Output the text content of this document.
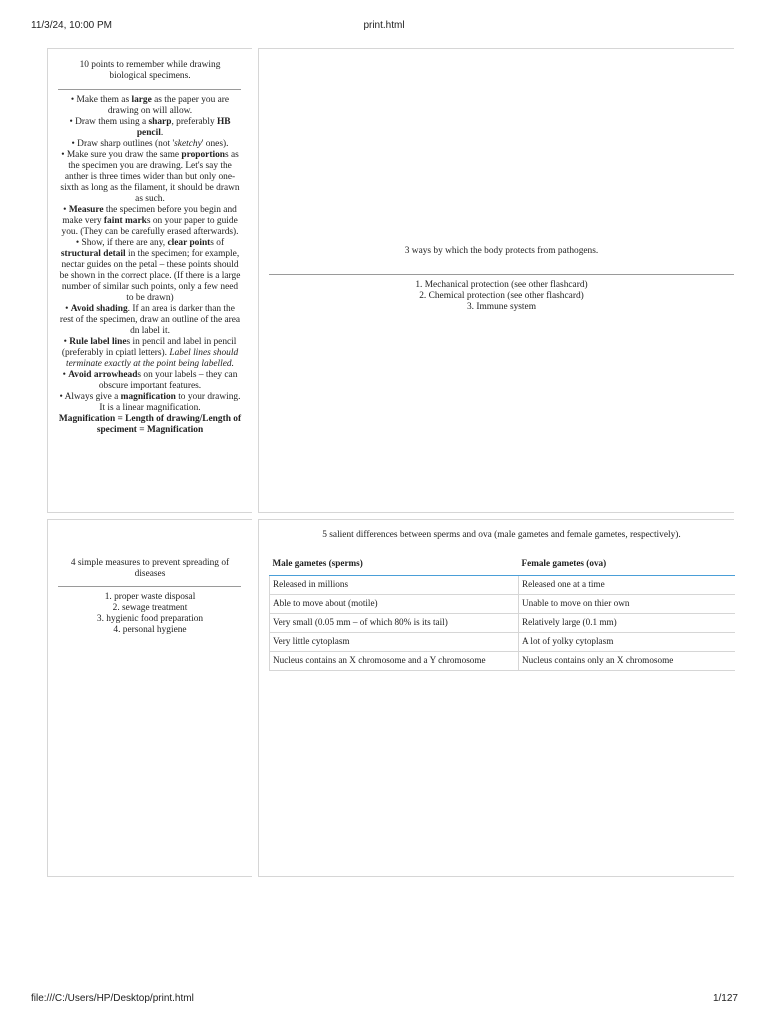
11/3/24, 10:00 PM	print.html
10 points to remember while drawing biological specimens.
• Make them as large as the paper you are drawing on will allow.
• Draw them using a sharp, preferably HB pencil.
• Draw sharp outlines (not 'sketchy' ones).
• Make sure you draw the same proportions as the specimen you are drawing. Let's say the anther is three times wider than but only one-sixth as long as the filament, it should be drawn as such.
• Measure the specimen before you begin and make very faint marks on your paper to guide you. (They can be carefully erased afterwards).
• Show, if there are any, clear points of structural detail in the specimen; for example, nectar guides on the petal – these points should be shown in the correct place. (If there is a large number of similar such points, only a few need to be drawn)
• Avoid shading. If an area is darker than the rest of the specimen, draw an outline of the area dn label it.
• Rule label lines in pencil and label in pencil (preferably in cpiatl letters). Label lines should terminate exactly at the point being labelled.
• Avoid arrowheads on your labels – they can obscure important features.
• Always give a magnification to your drawing. It is a linear magnification.
Magnification = Length of drawing/Length of speciment = Magnification
3 ways by which the body protects from pathogens.
1. Mechanical protection (see other flashcard)
2. Chemical protection (see other flashcard)
3. Immune system
4 simple measures to prevent spreading of diseases
1. proper waste disposal
2. sewage treatment
3. hygienic food preparation
4. personal hygiene
5 salient differences between sperms and ova (male gametes and female gametes, respectively).
Male gametes (sperms)	Female gametes (ova)
Released in millions	Released one at a time
Able to move about (motile)	Unable to move on thier own
Very small (0.05 mm – of which 80% is its tail)	Relatively large (0.1 mm)
Very little cytoplasm	A lot of yolky cytoplasm
Nucleus contains an X chromosome and a Y chromosome	Nucleus contains only an X chromosome
file:///C:/Users/HP/Desktop/print.html	1/127
